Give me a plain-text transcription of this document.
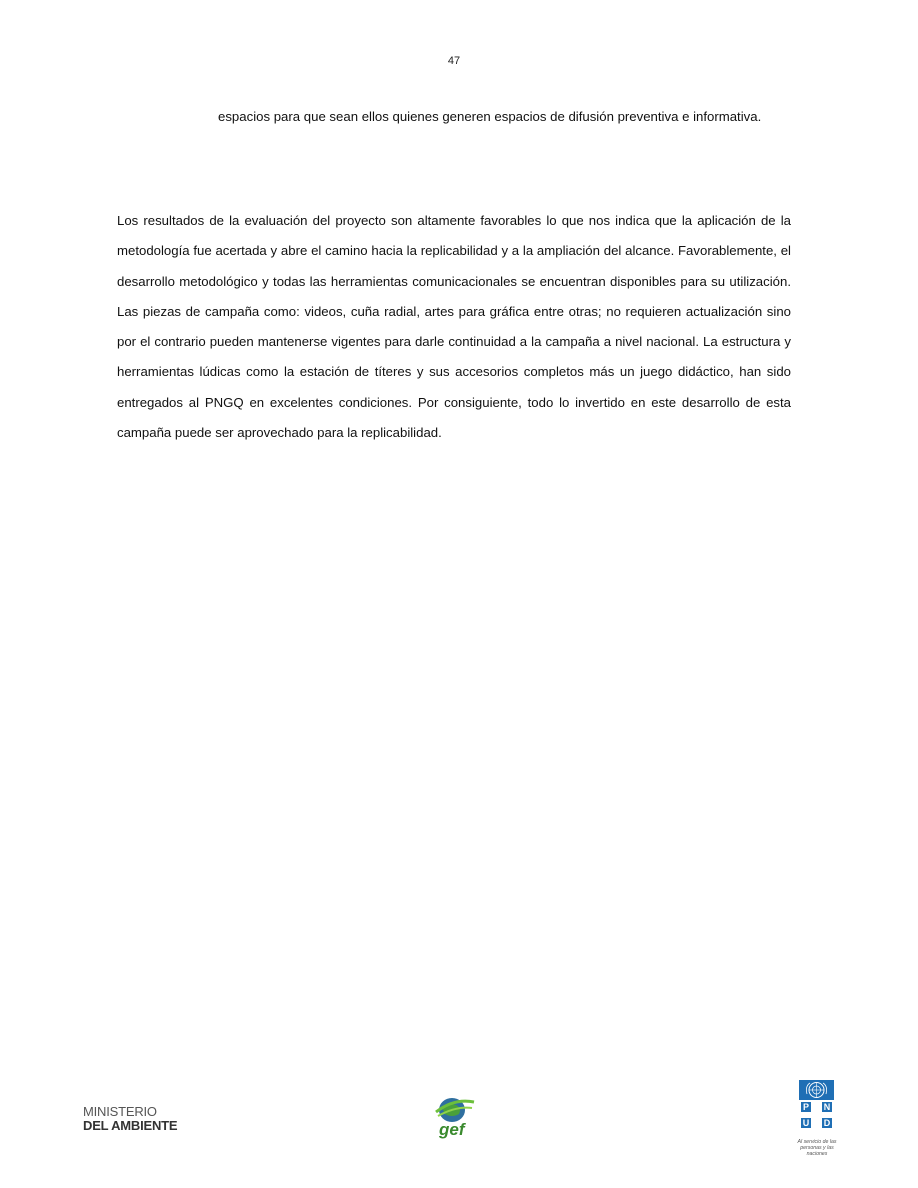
47
espacios para que sean ellos quienes generen espacios de difusión preventiva e informativa.
Los resultados de la evaluación del proyecto son altamente favorables lo que nos indica que la aplicación de la metodología fue acertada y abre el camino hacia la replicabilidad y a la ampliación del alcance. Favorablemente, el desarrollo metodológico y todas las herramientas comunicacionales se encuentran disponibles para su utilización. Las piezas de campaña como: videos, cuña radial, artes para gráfica entre otras; no requieren actualización sino por el contrario pueden mantenerse vigentes para darle continuidad a la campaña a nivel nacional. La estructura y herramientas lúdicas como la estación de títeres y sus accesorios completos más un juego didáctico, han sido entregados al PNGQ en excelentes condiciones. Por consiguiente, todo lo invertido en este desarrollo de esta campaña puede ser aprovechado para la replicabilidad.
MINISTERIO
DEL AMBIENTE	gef
P N
U D
Al servicio de las personas y las naciones
